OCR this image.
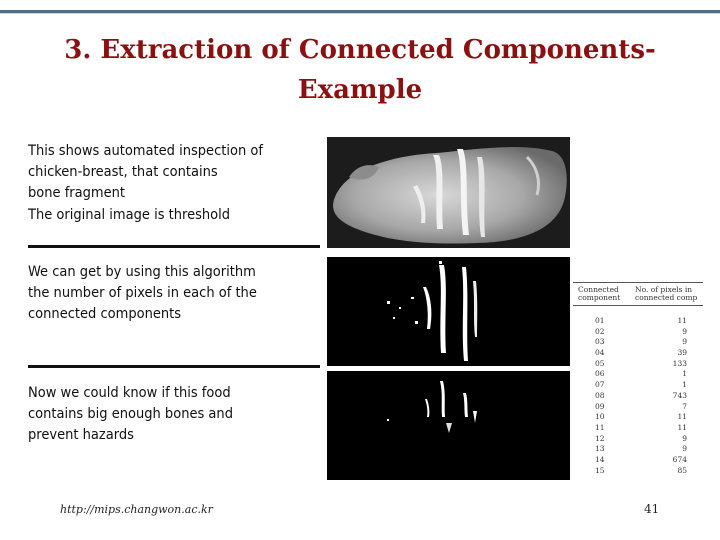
3. Extraction of Connected Components-
Example
This shows automated inspection of
chicken-breast, that contains
bone fragment
The original image is threshold
We can get by using this algorithm
the number of pixels in each of the
connected components
Now we could know if this food
contains big enough bones and
prevent hazards
Connected
component
No. of pixels in
connected comp
01	11
02	9
03	9
04	39
05	133
06	1
07	1
08	743
09	7
10	11
11	11
12	9
13	9
14	674
15	85
http://mips.changwon.ac.kr	41
